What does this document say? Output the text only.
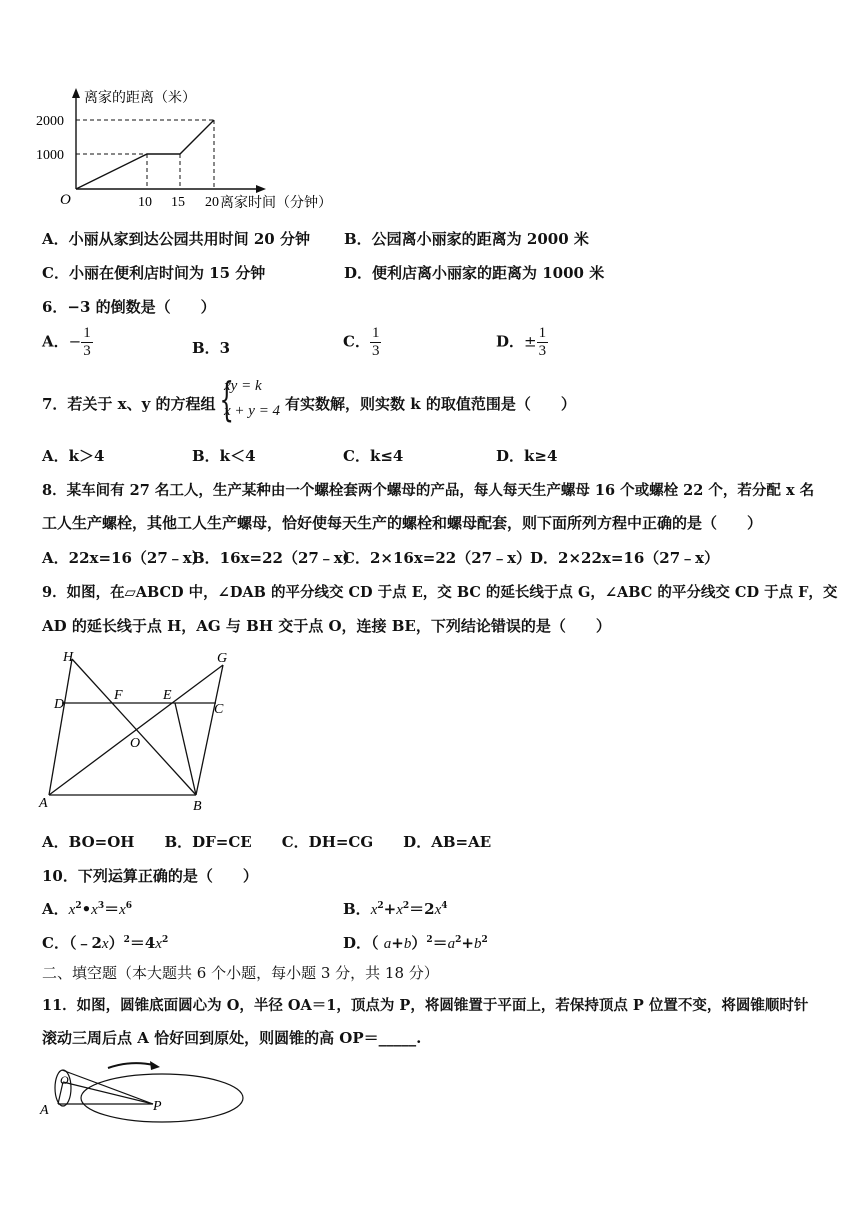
离家的距离（米）
2000
1000
O	10 15 20 离家时间（分钟）
A．小丽从家到达公园共用时间 20 分钟 B．公园离小丽家的距离为 2000 米
C．小丽在便利店时间为 15 分钟	D．便利店离小丽家的距离为 1000 米
6．−3 的倒数是（　　）
A．− $\frac{1}{3}$	B．3	C． $\frac{1}{3}$	D．± $\frac{1}{3}$
7．若关于 x、y 的方程组 {
xy = k
x + y = 4 有实数解，则实数 k 的取值范围是（　　）
A．k＞4	B．k＜4	C．k≤4	D．k≥4
8．某车间有 27 名工人，生产某种由一个螺栓套两个螺母的产品，每人每天生产螺母 16 个或螺栓 22 个，若分配 x 名
工人生产螺栓，其他工人生产螺母，恰好使每天生产的螺栓和螺母配套，则下面所列方程中正确的是（　　）
A．22x=16（27﹣x）
B．16x=22（27﹣x）
C．2×16x=22（27﹣x）
D．2×22x=16（27﹣x）
9．如图，在▱ABCD 中，∠DAB 的平分线交 CD 于点 E，交 BC 的延长线于点 G，∠ABC 的平分线交 CD 于点 F，交
AD 的延长线于点 H，AG 与 BH 交于点 O，连接 BE，下列结论错误的是（　　）
H	G
D
F	E
C
O
A	B
A．BO=OH　　B．DF=CE　　C．DH=CG　　D．AB=AE
10．下列运算正确的是（　　）
A．$x^2•x^3=x^6$	B．$x^2+x^2=2x^4$
C．$(﹣2x)^2=4x^2$	D．（ $a+b)^2=a^2+b^2$
二、填空题（本大题共 6 个小题，每小题 3 分，共 18 分）
11．如图，圆锥底面圆心为 O，半径 OA＝1，顶点为 P，将圆锥置于平面上，若保持顶点 P 位置不变，将圆锥顺时针
滚动三周后点 A 恰好回到原处，则圆锥的高 OP＝_____.
O
A	P
